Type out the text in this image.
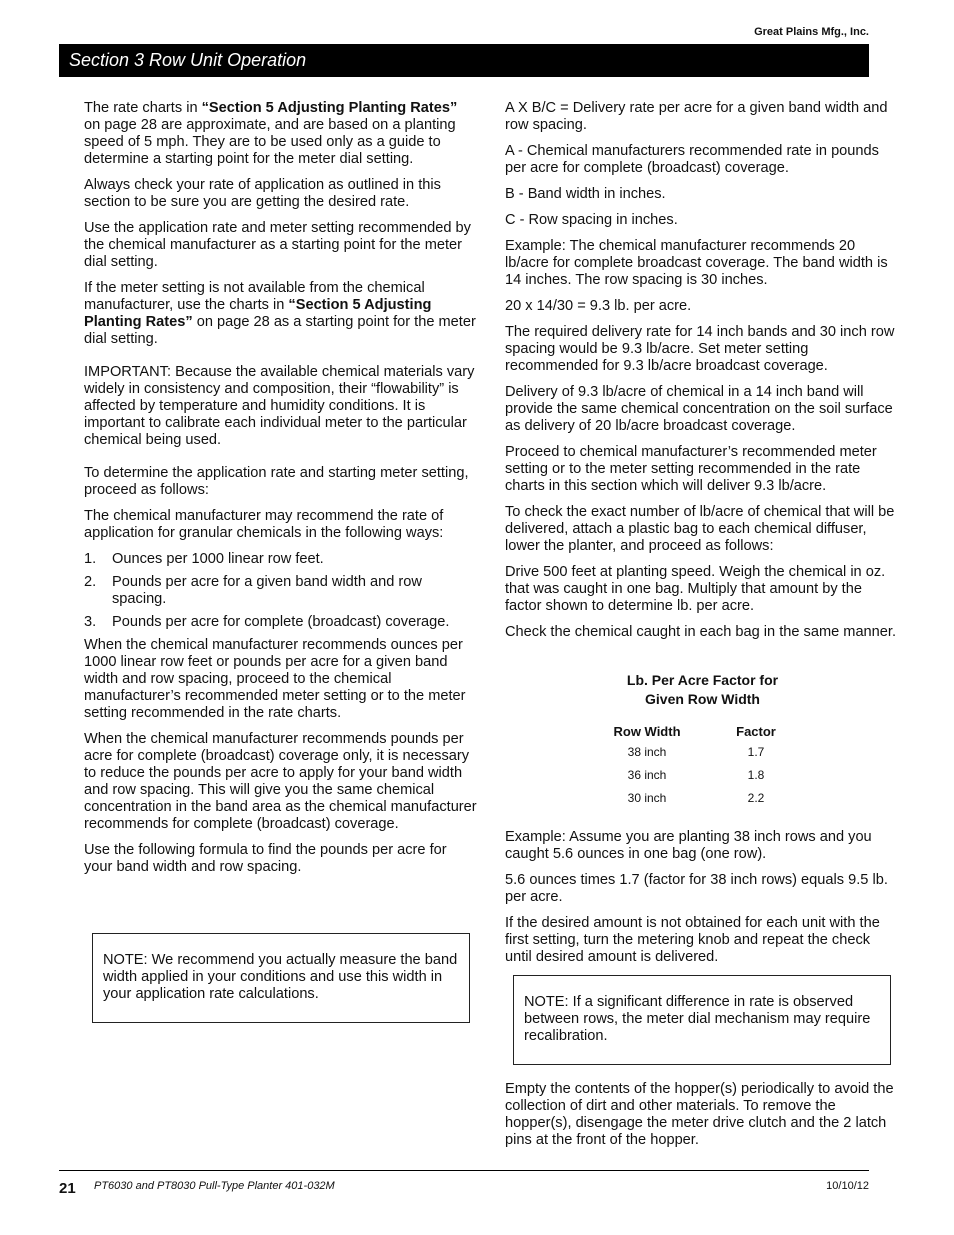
Great Plains Mfg., Inc.
Section 3 Row Unit Operation

The rate charts in “Section 5 Adjusting Planting Rates” on page 28 are approximate, and are based on a planting speed of 5 mph. They are to be used only as a guide to determine a starting point for the meter dial setting.

Always check your rate of application as outlined in this section to be sure you are getting the desired rate.

Use the application rate and meter setting recommended by the chemical manufacturer as a starting point for the meter dial setting.

If the meter setting is not available from the chemical manufacturer, use the charts in “Section 5 Adjusting Planting Rates” on page 28 as a starting point for the meter dial setting.

IMPORTANT: Because the available chemical materials vary widely in consistency and composition, their “flowability” is affected by temperature and humidity conditions. It is important to calibrate each individual meter to the particular chemical being used.

To determine the application rate and starting meter setting, proceed as follows:

The chemical manufacturer may recommend the rate of application for granular chemicals in the following ways:

1.	Ounces per 1000 linear row feet.
2.	Pounds per acre for a given band width and row spacing.
3.	Pounds per acre for complete (broadcast) coverage.

When the chemical manufacturer recommends ounces per 1000 linear row feet or pounds per acre for a given band width and row spacing, proceed to the chemical manufacturer’s recommended meter setting or to the meter setting recommended in the rate charts.

When the chemical manufacturer recommends pounds per acre for complete (broadcast) coverage only, it is necessary to reduce the pounds per acre to apply for your band width and row spacing. This will give you the same chemical concentration in the band area as the chemical manufacturer recommends for complete (broadcast) coverage.

Use the following formula to find the pounds per acre for your band width and row spacing.

NOTE: We recommend you actually measure the band width applied in your conditions and use this width in your application rate calculations.

A X B/C = Delivery rate per acre for a given band width and row spacing.

A - Chemical manufacturers recommended rate in pounds per acre for complete (broadcast) coverage.

B - Band width in inches.

C - Row spacing in inches.

Example: The chemical manufacturer recommends 20 lb/acre for complete broadcast coverage. The band width is 14 inches. The row spacing is 30 inches.

20 x 14/30 = 9.3 lb. per acre.

The required delivery rate for 14 inch bands and 30 inch row spacing would be 9.3 lb/acre. Set meter setting recommended for 9.3 lb/acre broadcast coverage.

Delivery of 9.3 lb/acre of chemical in a 14 inch band will provide the same chemical concentration on the soil surface as delivery of 20 lb/acre broadcast coverage.

Proceed to chemical manufacturer’s recommended meter setting or to the meter setting recommended in the rate charts in this section which will deliver 9.3 lb/acre.

To check the exact number of lb/acre of chemical that will be delivered, attach a plastic bag to each chemical diffuser, lower the planter, and proceed as follows:

Drive 500 feet at planting speed. Weigh the chemical in oz. that was caught in one bag. Multiply that amount by the factor shown to determine lb. per acre.

Check the chemical caught in each bag in the same manner.

Lb. Per Acre Factor for
Given Row Width
Row Width	Factor
38 inch	1.7
36 inch	1.8
30 inch	2.2

Example: Assume you are planting 38 inch rows and you caught 5.6 ounces in one bag (one row).

5.6 ounces times 1.7 (factor for 38 inch rows) equals 9.5 lb. per acre.

If the desired amount is not obtained for each unit with the first setting, turn the metering knob and repeat the check until desired amount is delivered.

NOTE: If a significant difference in rate is observed between rows, the meter dial mechanism may require recalibration.

Empty the contents of the hopper(s) periodically to avoid the collection of dirt and other materials. To remove the hopper(s), disengage the meter drive clutch and the 2 latch pins at the front of the hopper.

21 PT6030 and PT8030 Pull-Type Planter 401-032M	10/10/12
